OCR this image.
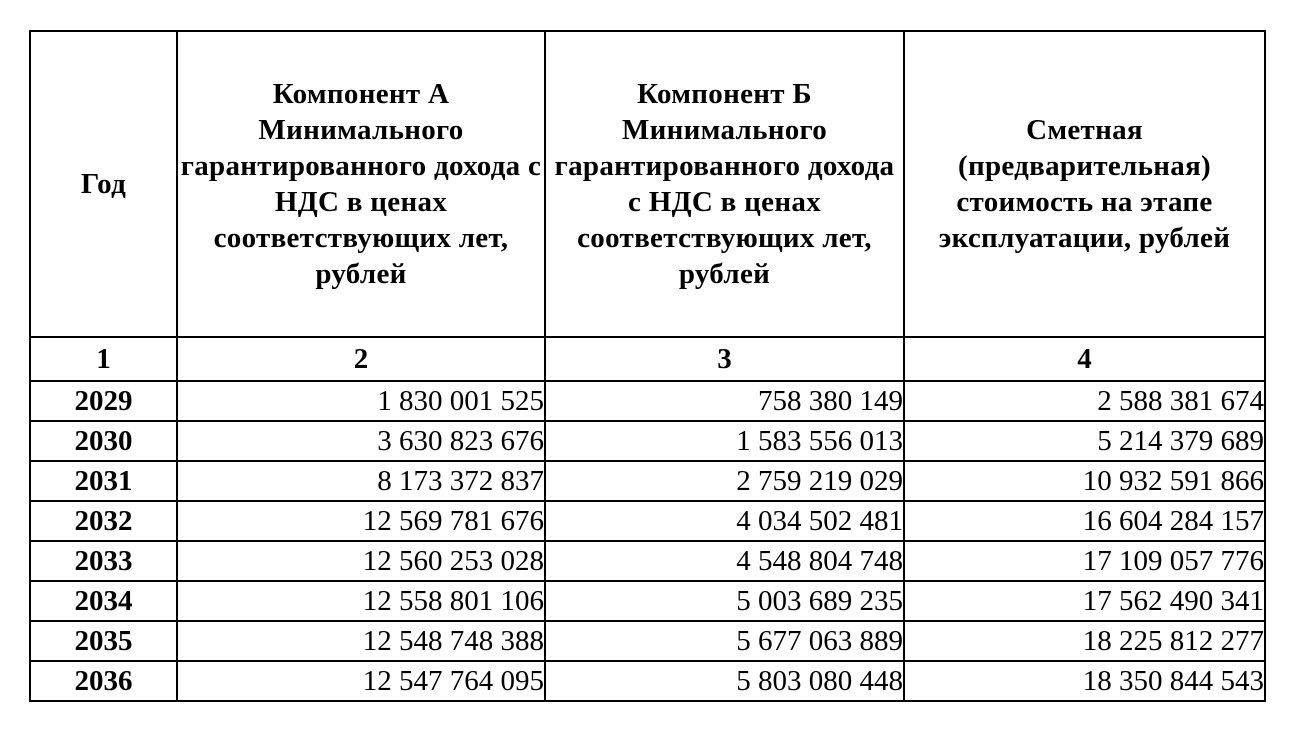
Год	Компонент А Минимального гарантированного дохода с НДС в ценах соответствующих лет, рублей	Компонент Б Минимального гарантированного дохода с НДС в ценах соответствующих лет, рублей	Сметная (предварительная) стоимость на этапе эксплуатации, рублей
1	2	3	4
2029	1 830 001 525	758 380 149	2 588 381 674
2030	3 630 823 676	1 583 556 013	5 214 379 689
2031	8 173 372 837	2 759 219 029	10 932 591 866
2032	12 569 781 676	4 034 502 481	16 604 284 157
2033	12 560 253 028	4 548 804 748	17 109 057 776
2034	12 558 801 106	5 003 689 235	17 562 490 341
2035	12 548 748 388	5 677 063 889	18 225 812 277
2036	12 547 764 095	5 803 080 448	18 350 844 543
